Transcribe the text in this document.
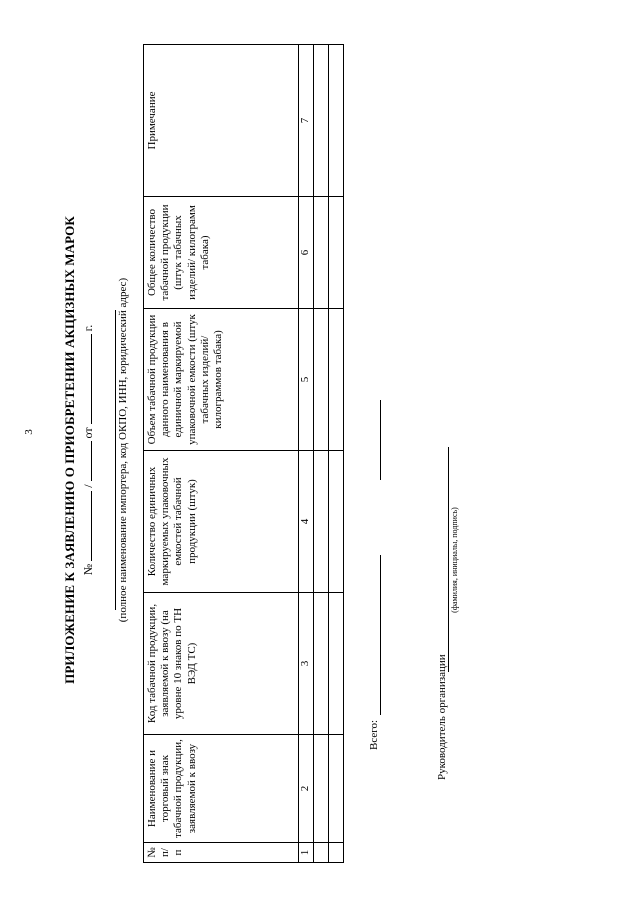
3 ПРИЛОЖЕНИЕ К ЗАЯВЛЕНИЮ О ПРИОБРЕТЕНИИ АКЦИЗНЫХ МАРОК №  /  от  г. (полное наименование импортера, код ОКПО, ИНН, юридический адрес)
№ п/п	Наименование и торговый знак табачной продукции, заявляемой к ввозу	Код табачной продукции, заявляемой к ввозу (на уровне 10 знаков по ТН ВЭД ТС)	Количество единичных маркируемых упаковочных емкостей табачной продукции (штук)	Объем табачной продукции данного наименования в единичной маркируемой упаковочной емкости (штук табачных изделий/ килограммов табака)	Общее количество табачной продукции (штук табачных изделий/ килограмм табака)	Примечание
1	2	3	4	5	6	7

Всего:	Руководитель организации
(фамилия, инициалы, подпись)
